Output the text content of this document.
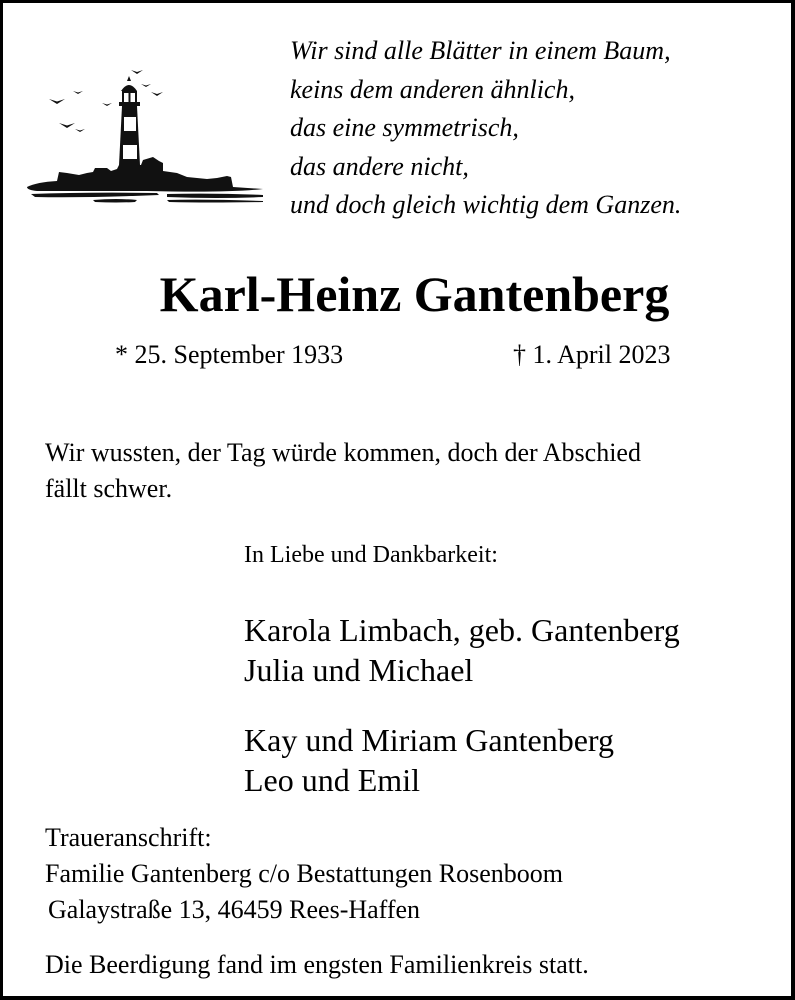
Wir sind alle Blätter in einem Baum,
keins dem anderen ähnlich,
das eine symmetrisch,
das andere nicht,
und doch gleich wichtig dem Ganzen.
Karl-Heinz Gantenberg
* 25. September 1933	† 1. April 2023
Wir wussten, der Tag würde kommen, doch der Abschied
fällt schwer.
In Liebe und Dankbarkeit:
Karola Limbach, geb. Gantenberg
Julia und Michael
Kay und Miriam Gantenberg
Leo und Emil
Traueranschrift:
Familie Gantenberg c/o Bestattungen Rosenboom
Galaystraße 13, 46459 Rees-Haffen
Die Beerdigung fand im engsten Familienkreis statt.
